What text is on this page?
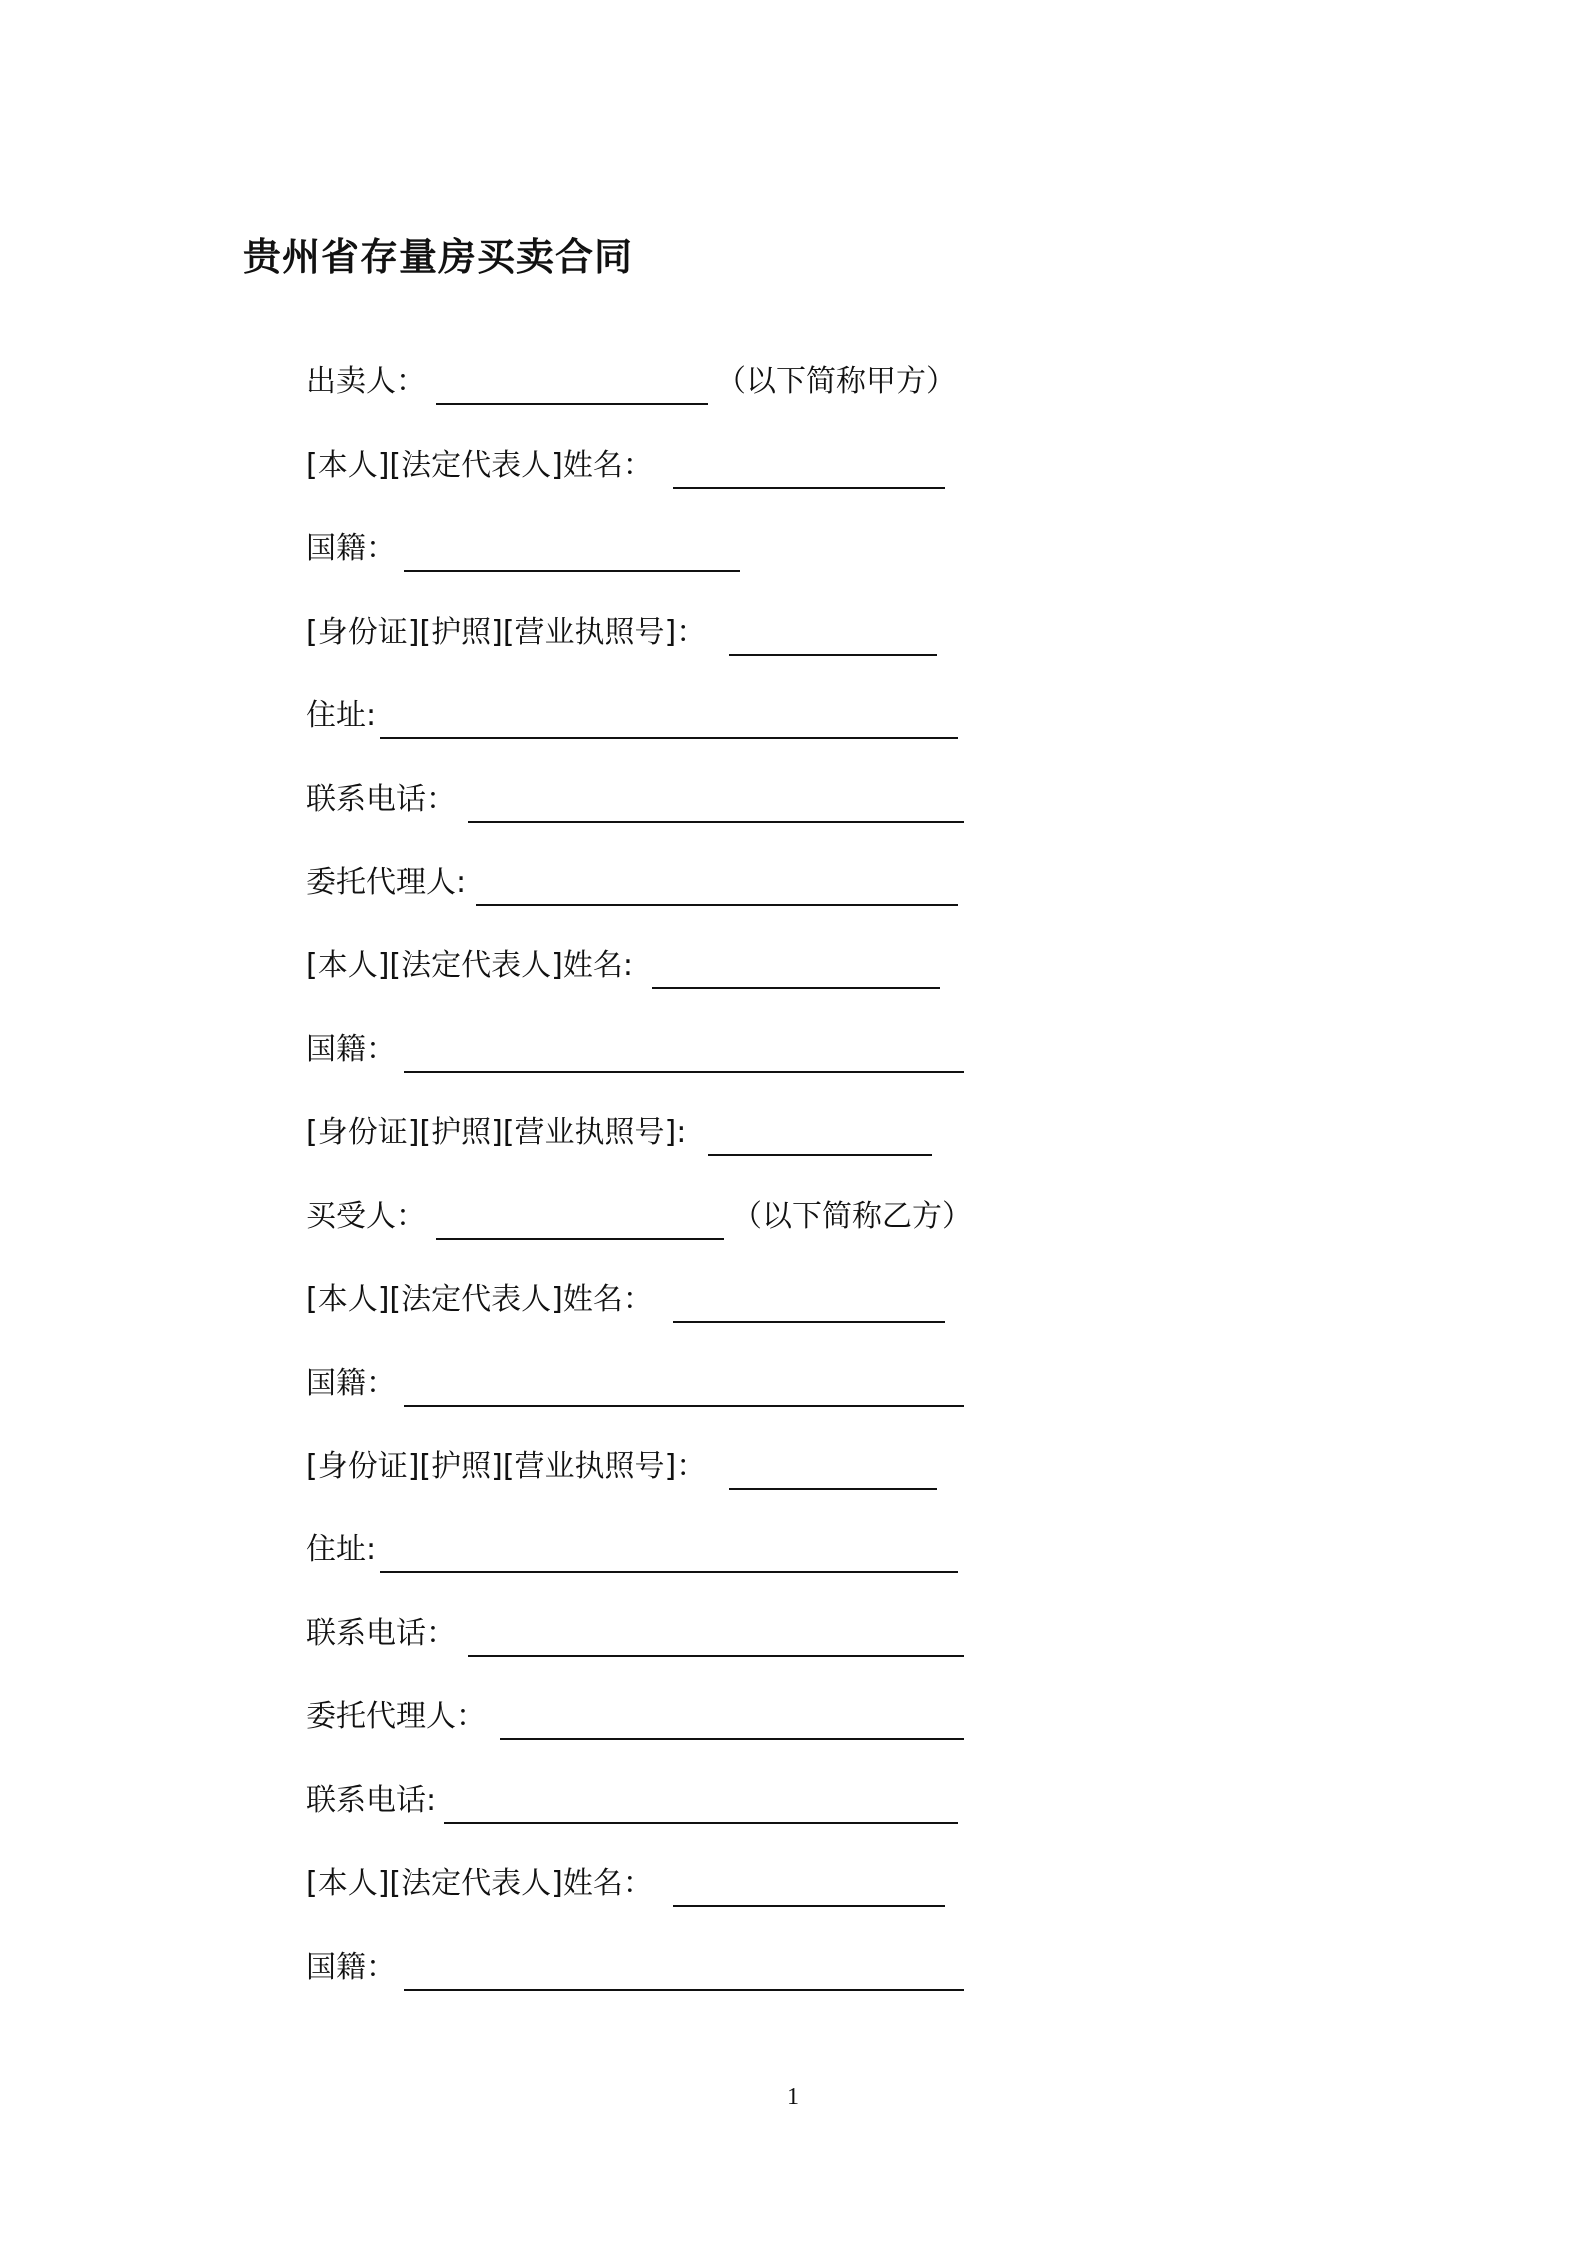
贵州省存量房买卖合同
出卖人：	（以下简称甲方）
[本人][法定代表人]姓名：
国籍：
[身份证][护照][营业执照号]：
住址:
联系电话：
委托代理人:
[本人][法定代表人]姓名:
国籍：
[身份证][护照][营业执照号]:
买受人：	（以下简称乙方）
[本人][法定代表人]姓名：
国籍：
[身份证][护照][营业执照号]：
住址:
联系电话：
委托代理人：
联系电话:
[本人][法定代表人]姓名：
国籍：
1
